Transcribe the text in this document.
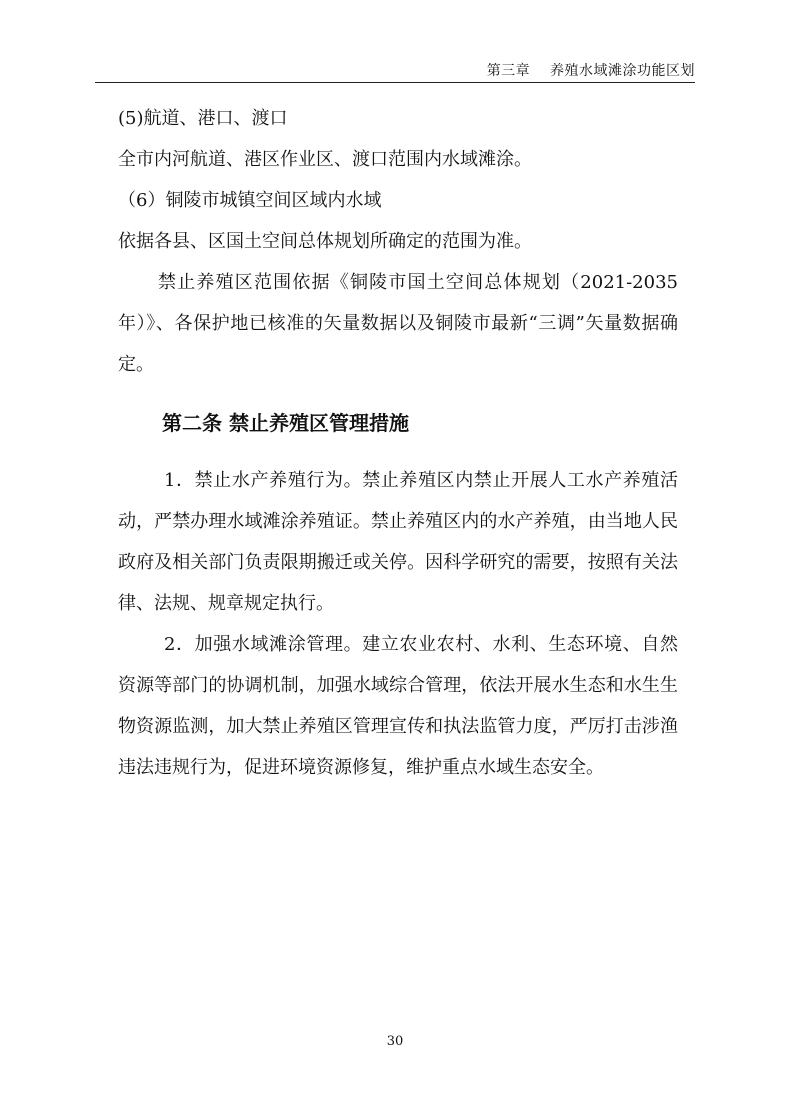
第三章 养殖水域滩涂功能区划

(5)航道、港口、渡口

全市内河航道、港区作业区、渡口范围内水域滩涂。

（6）铜陵市城镇空间区域内水域

依据各县、区国土空间总体规划所确定的范围为准。

禁止养殖区范围依据《铜陵市国土空间总体规划（2021-2035年）》、各保护地已核准的矢量数据以及铜陵市最新“三调”矢量数据确定。

第二条 禁止养殖区管理措施

1．禁止水产养殖行为。禁止养殖区内禁止开展人工水产养殖活动，严禁办理水域滩涂养殖证。禁止养殖区内的水产养殖，由当地人民政府及相关部门负责限期搬迁或关停。因科学研究的需要，按照有关法律、法规、规章规定执行。

2．加强水域滩涂管理。建立农业农村、水利、生态环境、自然资源等部门的协调机制，加强水域综合管理，依法开展水生态和水生生物资源监测，加大禁止养殖区管理宣传和执法监管力度，严厉打击涉渔违法违规行为，促进环境资源修复，维护重点水域生态安全。

30
